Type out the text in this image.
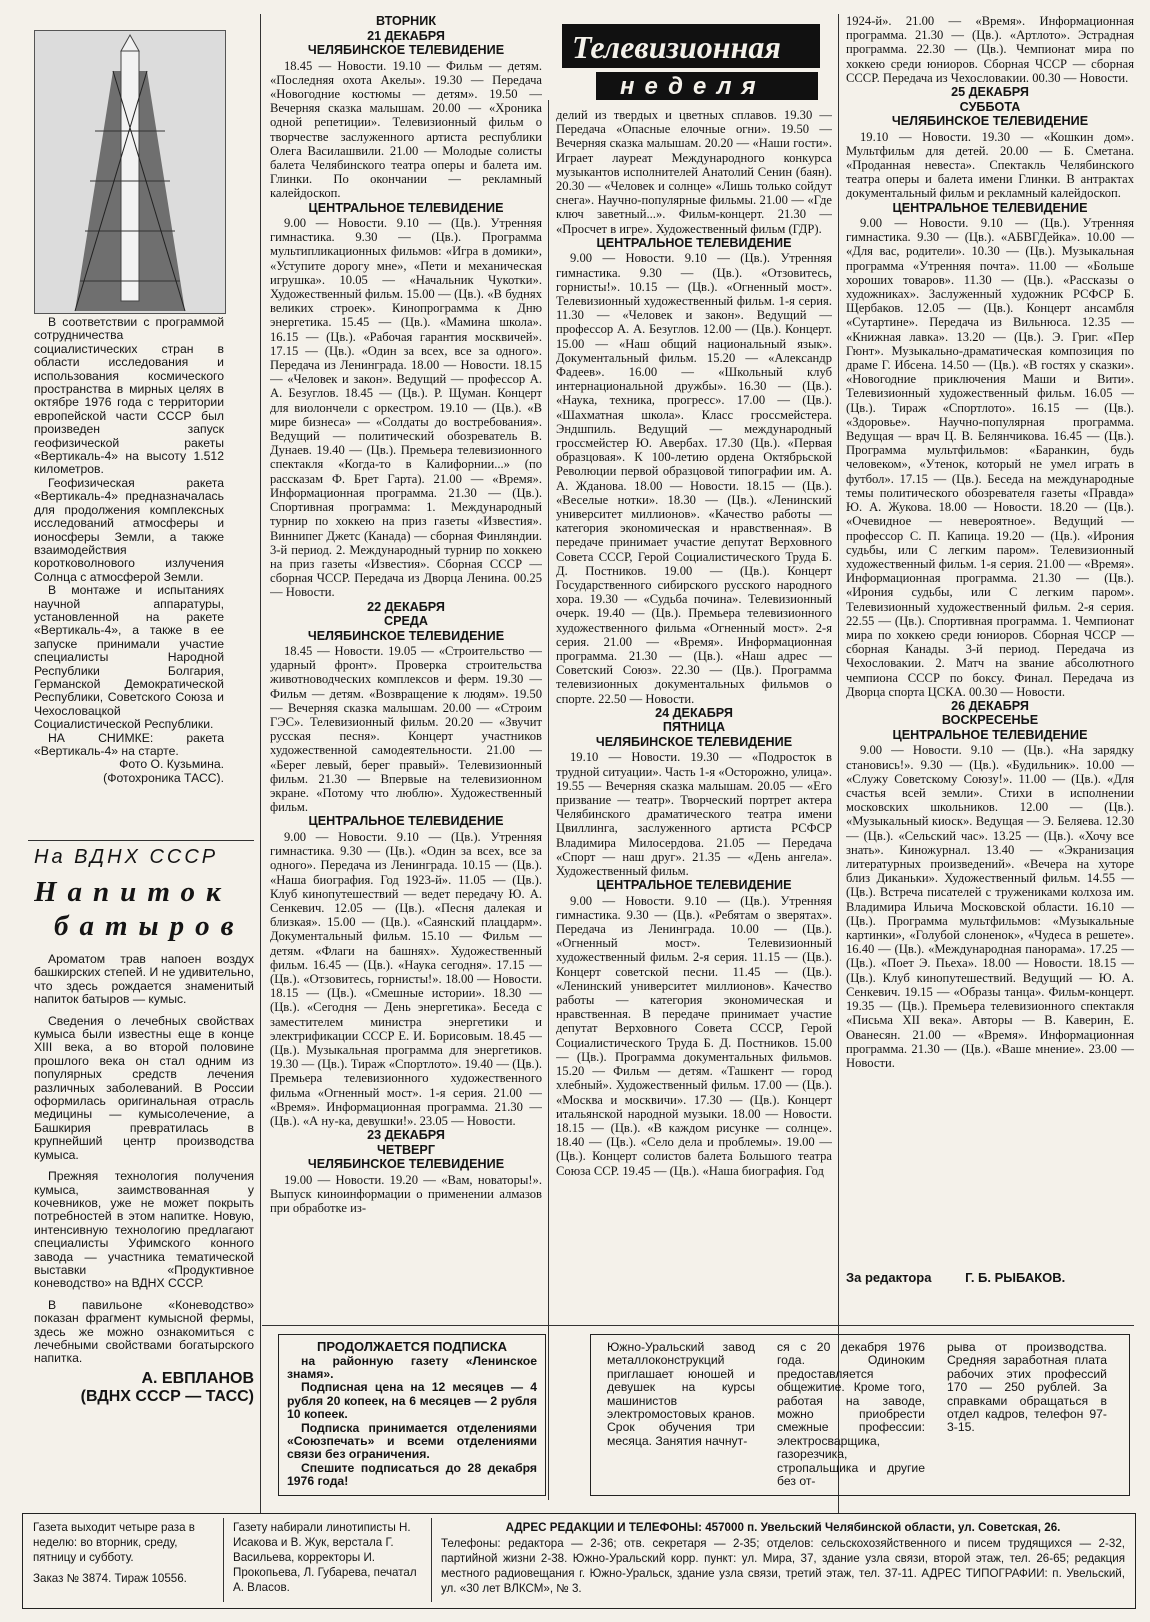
В соответствии с программой сотрудничества социалистических стран в области исследования и использования космического пространства в мирных целях в октябре 1976 года с территории европейской части СССР был произведен запуск геофизической ракеты «Вертикаль-4» на высоту 1.512 километров.

Геофизическая ракета «Вертикаль-4» предназначалась для продолжения комплексных исследований атмосферы и ионосферы Земли, а также взаимодействия коротковолнового излучения Солнца с атмосферой Земли.

В монтаже и испытаниях научной аппаратуры, установленной на ракете «Вертикаль-4», а также в ее запуске принимали участие специалисты Народной Республики Болгария, Германской Демократической Республики, Советского Союза и Чехословацкой Социалистической Республики.

НА СНИМКЕ: ракета «Вертикаль-4» на старте.

Фото О. Кузьмина.
(Фотохроника ТАСС).
На ВДНХ СССР
Напиток
батыров

Ароматом трав напоен воздух башкирских степей. И не удивительно, что здесь рождается знаменитый напиток батыров — кумыс.

Сведения о лечебных свойствах кумыса были известны еще в конце XIII века, а во второй половине прошлого века он стал одним из популярных средств лечения различных заболеваний. В России оформилась оригинальная отрасль медицины — кумысолечение, а Башкирия превратилась в крупнейший центр производства кумыса.

Прежняя технология получения кумыса, заимствованная у кочевников, уже не может покрыть потребностей в этом напитке. Новую, интенсивную технологию предлагают специалисты Уфимского конного завода — участника тематической выставки «Продуктивное коневодство» на ВДНХ СССР.

В павильоне «Коневодство» показан фрагмент кумысной фермы, здесь же можно ознакомиться с лечебными свойствами богатырского напитка.

А. ЕВПЛАНОВ
(ВДНХ СССР — ТАСС)
ВТОРНИК
21 ДЕКАБРЯ
ЧЕЛЯБИНСКОЕ ТЕЛЕВИДЕНИЕ

18.45 — Новости. 19.10 — Фильм — детям. «Последняя охота Акелы». 19.30 — Передача «Новогодние костюмы — детям». 19.50 — Вечерняя сказка малышам. 20.00 — «Хроника одной репетиции». Телевизионный фильм о творчестве заслуженного артиста республики Олега Василашвили. 21.00 — Молодые солисты балета Челябинского театра оперы и балета им. Глинки. По окончании — рекламный калейдоскоп.

ЦЕНТРАЛЬНОЕ ТЕЛЕВИДЕНИЕ

9.00 — Новости. 9.10 — (Цв.). Утренняя гимнастика. 9.30 — (Цв.). Программа мультипликационных фильмов: «Игра в домики», «Уступите дорогу мне», «Пети и механическая игрушка». 10.05 — «Начальник Чукотки». Художественный фильм. 15.00 — (Цв.). «В буднях великих строек». Кинопрограмма к Дню энергетика. 15.45 — (Цв.). «Мамина школа». 16.15 — (Цв.). «Рабочая гарантия москвичей». 17.15 — (Цв.). «Один за всех, все за одного». Передача из Ленинграда. 18.00 — Новости. 18.15 — «Человек и закон». Ведущий — профессор А. А. Безуглов. 18.45 — (Цв.). Р. Щуман. Концерт для виолончели с оркестром. 19.10 — (Цв.). «В мире бизнеса» — «Солдаты до востребования». Ведущий — политический обозреватель В. Дунаев. 19.40 — (Цв.). Премьера телевизионного спектакля «Когда-то в Калифорнии...» (по рассказам Ф. Брет Гарта). 21.00 — «Время». Информационная программа. 21.30 — (Цв.). Спортивная программа: 1. Международный турнир по хоккею на приз газеты «Известия». Виннипег Джетс (Канада) — сборная Финляндии. 3-й период. 2. Международный турнир по хоккею на приз газеты «Известия». Сборная СССР — сборная ЧССР. Передача из Дворца Ленина. 00.25 — Новости.

22 ДЕКАБРЯ
СРЕДА
ЧЕЛЯБИНСКОЕ ТЕЛЕВИДЕНИЕ

18.45 — Новости. 19.05 — «Строительство — ударный фронт». Проверка строительства животноводческих комплексов и ферм. 19.30 — Фильм — детям. «Возвращение к людям». 19.50 — Вечерняя сказка малышам. 20.00 — «Строим ГЭС». Телевизионный фильм. 20.20 — «Звучит русская песня». Концерт участников художественной самодеятельности. 21.00 — «Берег левый, берег правый». Телевизионный фильм. 21.30 — Впервые на телевизионном экране. «Потому что люблю». Художественный фильм.

ЦЕНТРАЛЬНОЕ ТЕЛЕВИДЕНИЕ

9.00 — Новости. 9.10 — (Цв.). Утренняя гимнастика. 9.30 — (Цв.). «Один за всех, все за одного». Передача из Ленинграда. 10.15 — (Цв.). «Наша биография. Год 1923-й». 11.05 — (Цв.). Клуб кинопутешествий — ведет передачу Ю. А. Сенкевич. 12.05 — (Цв.). «Песня далекая и близкая». 15.00 — (Цв.). «Саянский плацдарм». Документальный фильм. 15.10 — Фильм — детям. «Флаги на башнях». Художественный фильм. 16.45 — (Цв.). «Наука сегодня». 17.15 — (Цв.). «Отзовитесь, горнисты!». 18.00 — Новости. 18.15 — (Цв.). «Смешные истории». 18.30 — (Цв.). «Сегодня — День энергетика». Беседа с заместителем министра энергетики и электрификации СССР Е. И. Борисовым. 18.45 — (Цв.). Музыкальная программа для энергетиков. 19.30 — (Цв.). Тираж «Спортлото». 19.40 — (Цв.). Премьера телевизионного художественного фильма «Огненный мост». 1-я серия. 21.00 — «Время». Информационная программа. 21.30 — (Цв.). «А ну-ка, девушки!». 23.05 — Новости.

23 ДЕКАБРЯ
ЧЕТВЕРГ
ЧЕЛЯБИНСКОЕ ТЕЛЕВИДЕНИЕ

19.00 — Новости. 19.20 — «Вам, новаторы!». Выпуск киноинформации о применении алмазов при обработке из-

Телевизионная
неделя

делий из твердых и цветных сплавов. 19.30 — Передача «Опасные елочные огни». 19.50 — Вечерняя сказка малышам. 20.20 — «Наши гости». Играет лауреат Международного конкурса музыкантов исполнителей Анатолий Сенин (баян). 20.30 — «Человек и солнце» «Лишь только сойдут снега». Научно-популярные фильмы. 21.00 — «Где ключ заветный...». Фильм-концерт. 21.30 — «Просчет в игре». Художественный фильм (ГДР).

ЦЕНТРАЛЬНОЕ ТЕЛЕВИДЕНИЕ

9.00 — Новости. 9.10 — (Цв.). Утренняя гимнастика. 9.30 — (Цв.). «Отзовитесь, горнисты!». 10.15 — (Цв.). «Огненный мост». Телевизионный художественный фильм. 1-я серия. 11.30 — «Человек и закон». Ведущий — профессор А. А. Безуглов. 12.00 — (Цв.). Концерт. 15.00 — «Наш общий национальный язык». Документальный фильм. 15.20 — «Александр Фадеев». 16.00 — «Школьный клуб интернациональной дружбы». 16.30 — (Цв.). «Наука, техника, прогресс». 17.00 — (Цв.). «Шахматная школа». Класс гроссмейстера. Эндшпиль. Ведущий — международный гроссмейстер Ю. Авербах. 17.30 (Цв.). «Первая образцовая». К 100-летию ордена Октябрьской Революции первой образцовой типографии им. А. А. Жданова. 18.00 — Новости. 18.15 — (Цв.). «Веселые нотки». 18.30 — (Цв.). «Ленинский университет миллионов». «Качество работы — категория экономическая и нравственная». В передаче принимает участие депутат Верховного Совета СССР, Герой Социалистического Труда Б. Д. Постников. 19.00 — (Цв.). Концерт Государственного сибирского русского народного хора. 19.30 — «Судьба почина». Телевизионный очерк. 19.40 — (Цв.). Премьера телевизионного художественного фильма «Огненный мост». 2-я серия. 21.00 — «Время». Информационная программа. 21.30 — (Цв.). «Наш адрес — Советский Союз». 22.30 — (Цв.). Программа телевизионных документальных фильмов о спорте. 22.50 — Новости.

24 ДЕКАБРЯ
ПЯТНИЦА
ЧЕЛЯБИНСКОЕ ТЕЛЕВИДЕНИЕ

19.10 — Новости. 19.30 — «Подросток в трудной ситуации». Часть 1-я «Осторожно, улица». 19.55 — Вечерняя сказка малышам. 20.05 — «Его призвание — театр». Творческий портрет актера Челябинского драматического театра имени Цвиллинга, заслуженного артиста РСФСР Владимира Милосердова. 21.05 — Передача «Спорт — наш друг». 21.35 — «День ангела». Художественный фильм.

ЦЕНТРАЛЬНОЕ ТЕЛЕВИДЕНИЕ

9.00 — Новости. 9.10 — (Цв.). Утренняя гимнастика. 9.30 — (Цв.). «Ребятам о зверятах». Передача из Ленинграда. 10.00 — (Цв.). «Огненный мост». Телевизионный художественный фильм. 2-я серия. 11.15 — (Цв.). Концерт советской песни. 11.45 — (Цв.). «Ленинский университет миллионов». Качество работы — категория экономическая и нравственная. В передаче принимает участие депутат Верховного Совета СССР, Герой Социалистического Труда Б. Д. Постников. 15.00 — (Цв.). Программа документальных фильмов. 15.20 — Фильм — детям. «Ташкент — город хлебный». Художественный фильм. 17.00 — (Цв.). «Москва и москвичи». 17.30 — (Цв.). Концерт итальянской народной музыки. 18.00 — Новости. 18.15 — (Цв.). «В каждом рисунке — солнце». 18.40 — (Цв.). «Село дела и проблемы». 19.00 — (Цв.). Концерт солистов балета Большого театра Союза ССР. 19.45 — (Цв.). «Наша биография. Год

1924-й». 21.00 — «Время». Информационная программа. 21.30 — (Цв.). «Артлото». Эстрадная программа. 22.30 — (Цв.). Чемпионат мира по хоккею среди юниоров. Сборная ЧССР — сборная СССР. Передача из Чехословакии. 00.30 — Новости.

25 ДЕКАБРЯ
СУББОТА
ЧЕЛЯБИНСКОЕ ТЕЛЕВИДЕНИЕ

19.10 — Новости. 19.30 — «Кошкин дом». Мультфильм для детей. 20.00 — Б. Сметана. «Проданная невеста». Спектакль Челябинского театра оперы и балета имени Глинки. В антрактах документальный фильм и рекламный калейдоскоп.

ЦЕНТРАЛЬНОЕ ТЕЛЕВИДЕНИЕ

9.00 — Новости. 9.10 — (Цв.). Утренняя гимнастика. 9.30 — (Цв.). «АБВГДейка». 10.00 — «Для вас, родители». 10.30 — (Цв.). Музыкальная программа «Утренняя почта». 11.00 — «Больше хороших товаров». 11.30 — (Цв.). «Рассказы о художниках». Заслуженный художник РСФСР Б. Щербаков. 12.05 — (Цв.). Концерт ансамбля «Сутартине». Передача из Вильнюса. 12.35 — «Книжная лавка». 13.20 — (Цв.). Э. Григ. «Пер Гюнт». Музыкально-драматическая композиция по драме Г. Ибсена. 14.50 — (Цв.). «В гостях у сказки». «Новогодние приключения Маши и Вити». Телевизионный художественный фильм. 16.05 — (Цв.). Тираж «Спортлото». 16.15 — (Цв.). «Здоровье». Научно-популярная программа. Ведущая — врач Ц. В. Белянчикова. 16.45 — (Цв.). Программа мультфильмов: «Баранкин, будь человеком», «Утенок, который не умел играть в футбол». 17.15 — (Цв.). Беседа на международные темы политического обозревателя газеты «Правда» Ю. А. Жукова. 18.00 — Новости. 18.20 — (Цв.). «Очевидное — невероятное». Ведущий — профессор С. П. Капица. 19.20 — (Цв.). «Ирония судьбы, или С легким паром». Телевизионный художественный фильм. 1-я серия. 21.00 — «Время». Информационная программа. 21.30 — (Цв.). «Ирония судьбы, или С легким паром». Телевизионный художественный фильм. 2-я серия. 22.55 — (Цв.). Спортивная программа. 1. Чемпионат мира по хоккею среди юниоров. Сборная ЧССР — сборная Канады. 3-й период. Передача из Чехословакии. 2. Матч на звание абсолютного чемпиона СССР по боксу. Финал. Передача из Дворца спорта ЦСКА. 00.30 — Новости.

26 ДЕКАБРЯ
ВОСКРЕСЕНЬЕ
ЦЕНТРАЛЬНОЕ ТЕЛЕВИДЕНИЕ

9.00 — Новости. 9.10 — (Цв.). «На зарядку становись!». 9.30 — (Цв.). «Будильник». 10.00 — «Служу Советскому Союзу!». 11.00 — (Цв.). «Для счастья всей земли». Стихи в исполнении московских школьников. 12.00 — (Цв.). «Музыкальный киоск». Ведущая — Э. Беляева. 12.30 — (Цв.). «Сельский час». 13.25 — (Цв.). «Хочу все знать». Киножурнал. 13.40 — «Экранизация литературных произведений». «Вечера на хуторе близ Диканьки». Художественный фильм. 14.55 — (Цв.). Встреча писателей с тружениками колхоза им. Владимира Ильича Московской области. 16.10 — (Цв.). Программа мультфильмов: «Музыкальные картинки», «Голубой слоненок», «Чудеса в решете». 16.40 — (Цв.). «Международная панорама». 17.25 — (Цв.). «Поет Э. Пьеха». 18.00 — Новости. 18.15 — (Цв.). Клуб кинопутешествий. Ведущий — Ю. А. Сенкевич. 19.15 — «Образы танца». Фильм-концерт. 19.35 — (Цв.). Премьера телевизионного спектакля «Письма XII века». Авторы — В. Каверин, Е. Ованесян. 21.00 — «Время». Информационная программа. 21.30 — (Цв.). «Ваше мнение». 23.00 — Новости.

За редактора	Г. Б. РЫБАКОВ.
ПРОДОЛЖАЕТСЯ ПОДПИСКА

на районную газету «Ленинское знамя».

Подписная цена на 12 месяцев — 4 рубля 20 копеек, на 6 месяцев — 2 рубля 10 копеек.

Подписка принимается отделениями «Союзпечать» и всеми отделениями связи без ограничения.

Спешите подписаться до 28 декабря 1976 года!

Южно-Уральский завод металлоконструкций приглашает юношей и девушек на курсы машинистов электромостовых кранов. Срок обучения три месяца. Занятия начнут-
ся с 20 декабря 1976 года. Одиноким предоставляется общежитие. Кроме того, работая на заводе, можно приобрести смежные профессии: электросварщика, газорезчика, стропальщика и другие без от-
рыва от производства. Средняя заработная плата рабочих этих профессий 170 — 250 рублей. За справками обращаться в отдел кадров, телефон 97-3-15.
Газета выходит четыре раза в неделю: во вторник, среду, пятницу и субботу.
Заказ № 3874. Тираж 10556.
Газету набирали линотиписты Н. Исакова и В. Жук, верстала Г. Васильева, корректоры И. Прокопьева, Л. Губарева, печатал А. Власов.
АДРЕС РЕДАКЦИИ И ТЕЛЕФОНЫ: 457000 п. Увельский Челябинской области, ул. Советская, 26.
Телефоны: редактора — 2-36; отв. секретаря — 2-35; отделов: сельскохозяйственного и писем трудящихся — 2-32, партийной жизни 2-38. Южно-Уральский корр. пункт: ул. Мира, 37, здание узла связи, второй этаж, тел. 26-65; редакция местного радиовещания г. Южно-Уральск, здание узла связи, третий этаж, тел. 37-11. АДРЕС ТИПОГРАФИИ: п. Увельский, ул. «30 лет ВЛКСМ», № 3.
